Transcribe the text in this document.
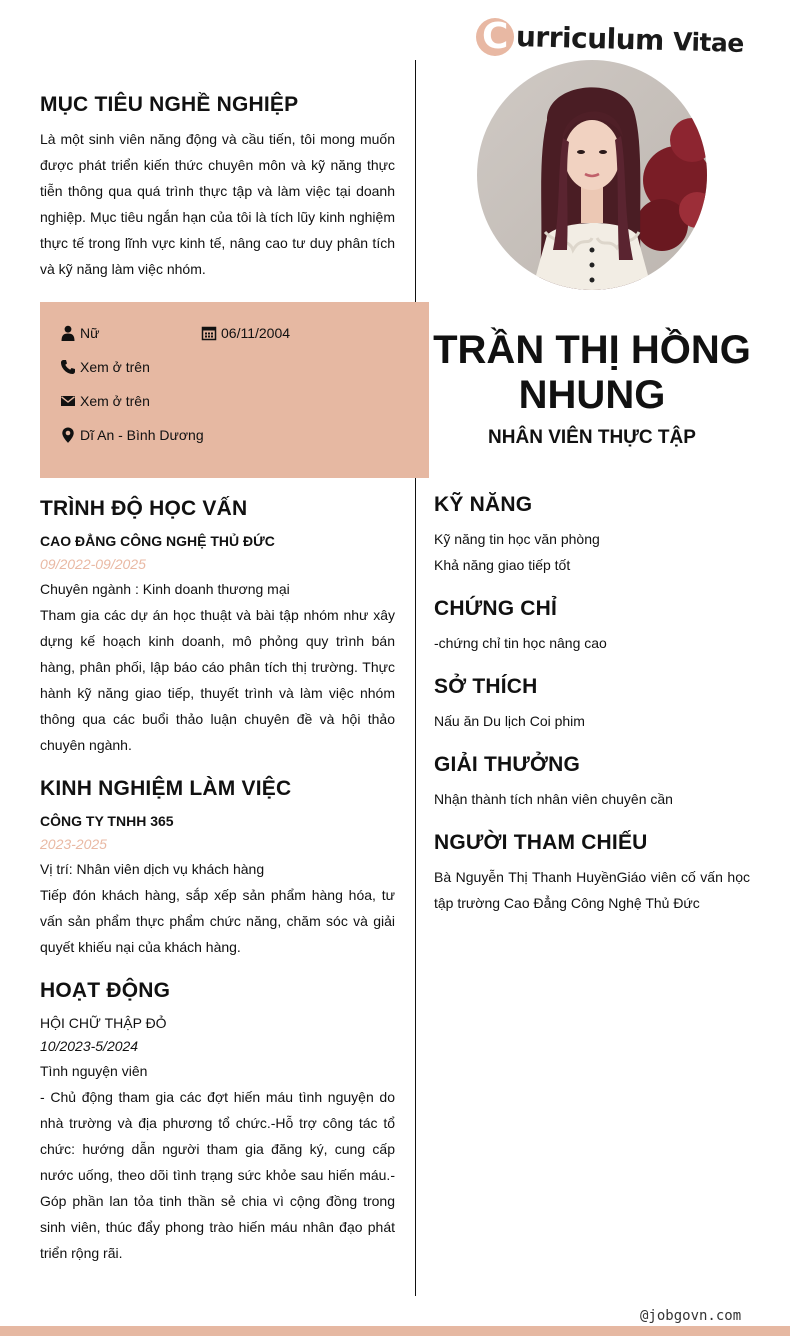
C urriculum Vitae
MỤC TIÊU NGHỀ NGHIỆP
Là một sinh viên năng động và cầu tiến, tôi mong muốn được phát triển kiến thức chuyên môn và kỹ năng thực tiễn thông qua quá trình thực tập và làm việc tại doanh nghiệp. Mục tiêu ngắn hạn của tôi là tích lũy kinh nghiệm thực tế trong lĩnh vực kinh tế, nâng cao tư duy phân tích và kỹ năng làm việc nhóm.
Nữ	06/11/2004
Xem ở trên
Xem ở trên
Dĩ An - Bình Dương
TRẦN THỊ HỒNG
NHUNG
NHÂN VIÊN THỰC TẬP
TRÌNH ĐỘ HỌC VẤN
CAO ĐẲNG CÔNG NGHỆ THỦ ĐỨC
09/2022-09/2025
Chuyên ngành : Kinh doanh thương mại
Tham gia các dự án học thuật và bài tập nhóm như xây dựng kế hoạch kinh doanh, mô phỏng quy trình bán hàng, phân phối, lập báo cáo phân tích thị trường. Thực hành kỹ năng giao tiếp, thuyết trình và làm việc nhóm thông qua các buổi thảo luận chuyên đề và hội thảo chuyên ngành.
KINH NGHIỆM LÀM VIỆC
CÔNG TY TNHH 365
2023-2025
Vị trí: Nhân viên dịch vụ khách hàng
Tiếp đón khách hàng, sắp xếp sản phẩm hàng hóa, tư vấn sản phẩm thực phẩm chức năng, chăm sóc và giải quyết khiếu nại của khách hàng.
HOẠT ĐỘNG
HỘI CHỮ THẬP ĐỎ
10/2023-5/2024
Tình nguyện viên
- Chủ động tham gia các đợt hiến máu tình nguyện do nhà trường và địa phương tổ chức.-Hỗ trợ công tác tổ chức: hướng dẫn người tham gia đăng ký, cung cấp nước uống, theo dõi tình trạng sức khỏe sau hiến máu.-Góp phần lan tỏa tinh thần sẻ chia vì cộng đồng trong sinh viên, thúc đẩy phong trào hiến máu nhân đạo phát triển rộng rãi.
KỸ NĂNG
Kỹ năng tin học văn phòng
Khả năng giao tiếp tốt
CHỨNG CHỈ
-chứng chỉ tin học nâng cao
SỞ THÍCH
Nấu ăn Du lịch Coi phim
GIẢI THƯỞNG
Nhận thành tích nhân viên chuyên cần
NGƯỜI THAM CHIẾU
Bà Nguyễn Thị Thanh HuyềnGiáo viên cố vấn học tập trường Cao Đẳng Công Nghệ Thủ Đức
@jobgovn.com
